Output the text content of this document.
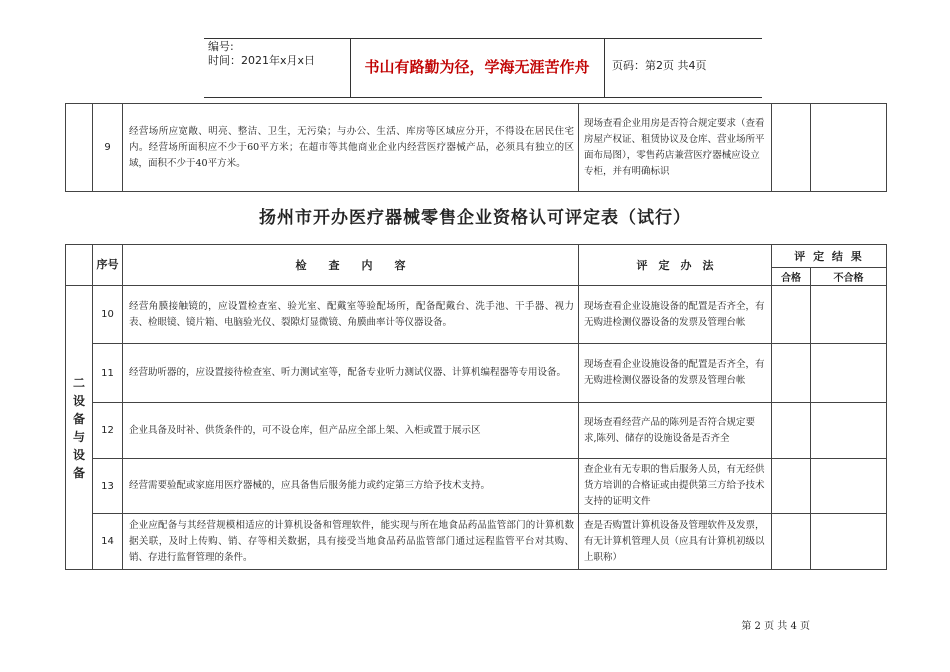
编号:
时间：2021年x月x日	书山有路勤为径，学海无涯苦作舟	页码：第2页 共4页
	9	经营场所应宽敞、明亮、整洁、卫生，无污染；与办公、生活、库房等区域应分开，不得设在居民住宅内。经营场所面积应不少于60平方米；在超市等其他商业企业内经营医疗器械产品，必须具有独立的区域，面积不少于40平方米。	现场查看企业用房是否符合规定要求（查看房屋产权证、租赁协议及仓库、营业场所平面布局图），零售药店兼营医疗器械应设立专柜，并有明确标识		
扬州市开办医疗器械零售企业资格认可评定表（试行）
	序号	检　　查　　内　　容	评　定　办　法	评 定 结 果	
				合格	不合格

二设备与设备	10	经营角膜接触镜的，应设置检查室、验光室、配戴室等验配场所，配备配戴台、洗手池、干手器、视力表、检眼镜、镜片箱、电脑验光仪、裂隙灯显微镜、角膜曲率计等仪器设备。	现场查看企业设施设备的配置是否齐全，有无购进检测仪器设备的发票及管理台帐		
	11	经营助听器的，应设置接待检查室、听力测试室等，配备专业听力测试仪器、计算机编程器等专用设备。	现场查看企业设施设备的配置是否齐全，有无购进检测仪器设备的发票及管理台帐		
	12	企业具备及时补、供货条件的，可不设仓库，但产品应全部上架、入柜或置于展示区	现场查看经营产品的陈列是否符合规定要求,陈列、储存的设施设备是否齐全		
	13	经营需要验配或家庭用医疗器械的，应具备售后服务能力或约定第三方给予技术支持。	查企业有无专职的售后服务人员，有无经供货方培训的合格证或由提供第三方给予技术支持的证明文件		
	14	企业应配备与其经营规模相适应的计算机设备和管理软件，能实现与所在地食品药品监管部门的计算机数据关联，及时上传购、销、存等相关数据，具有接受当地食品药品监管部门通过远程监管平台对其购、销、存进行监督管理的条件。	查是否购置计算机设备及管理软件及发票，有无计算机管理人员（应具有计算机初级以上职称）		
第 2 页 共 4 页
